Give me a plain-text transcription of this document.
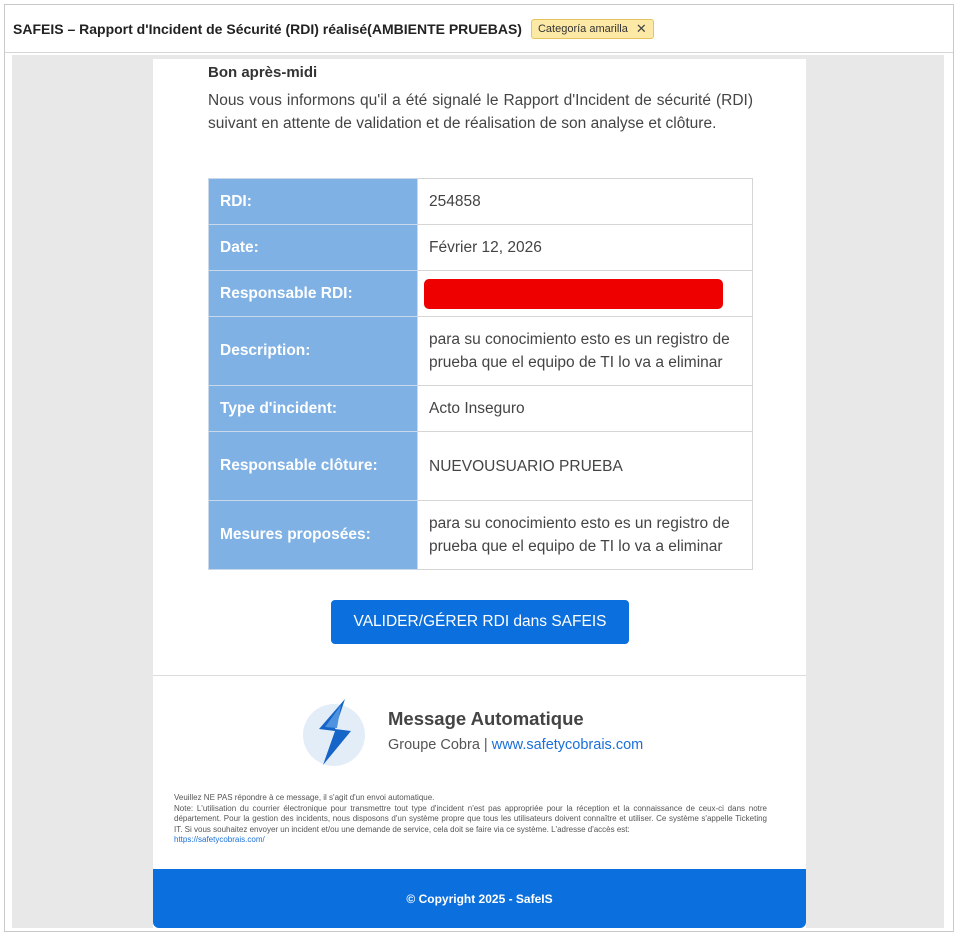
SAFEIS – Rapport d'Incident de Sécurité (RDI) réalisé(AMBIENTE PRUEBAS) Categoría amarilla ✕
Bon après-midi

Nous vous informons qu'il a été signalé le Rapport d'Incident de sécurité (RDI) suivant en attente de validation et de réalisation de son analyse et clôture.

RDI:	254858
Date:	Février 12, 2026
Responsable RDI:	

Description:	para su conocimiento esto es un registro de prueba que el equipo de TI lo va a eliminar
Type d'incident:	Acto Inseguro
Responsable clôture:	NUEVOUSUARIO PRUEBA
Mesures proposées:	para su conocimiento esto es un registro de prueba que el equipo de TI lo va a eliminar
VALIDER/GÉRER RDI dans SAFEIS
Message Automatique
Groupe Cobra | www.safetycobrais.com

Veuillez NE PAS répondre à ce message, il s'agit d'un envoi automatique.
Note: L'utilisation du courrier électronique pour transmettre tout type d'incident n'est pas appropriée pour la réception et la connaissance de ceux-ci dans notre département. Pour la gestion des incidents, nous disposons d'un système propre que tous les utilisateurs doivent connaître et utiliser. Ce système s'appelle Ticketing IT. Si vous souhaitez envoyer un incident et/ou une demande de service, cela doit se faire via ce système. L'adresse d'accès est:
https://safetycobrais.com/

© Copyright 2025 - SafeIS
